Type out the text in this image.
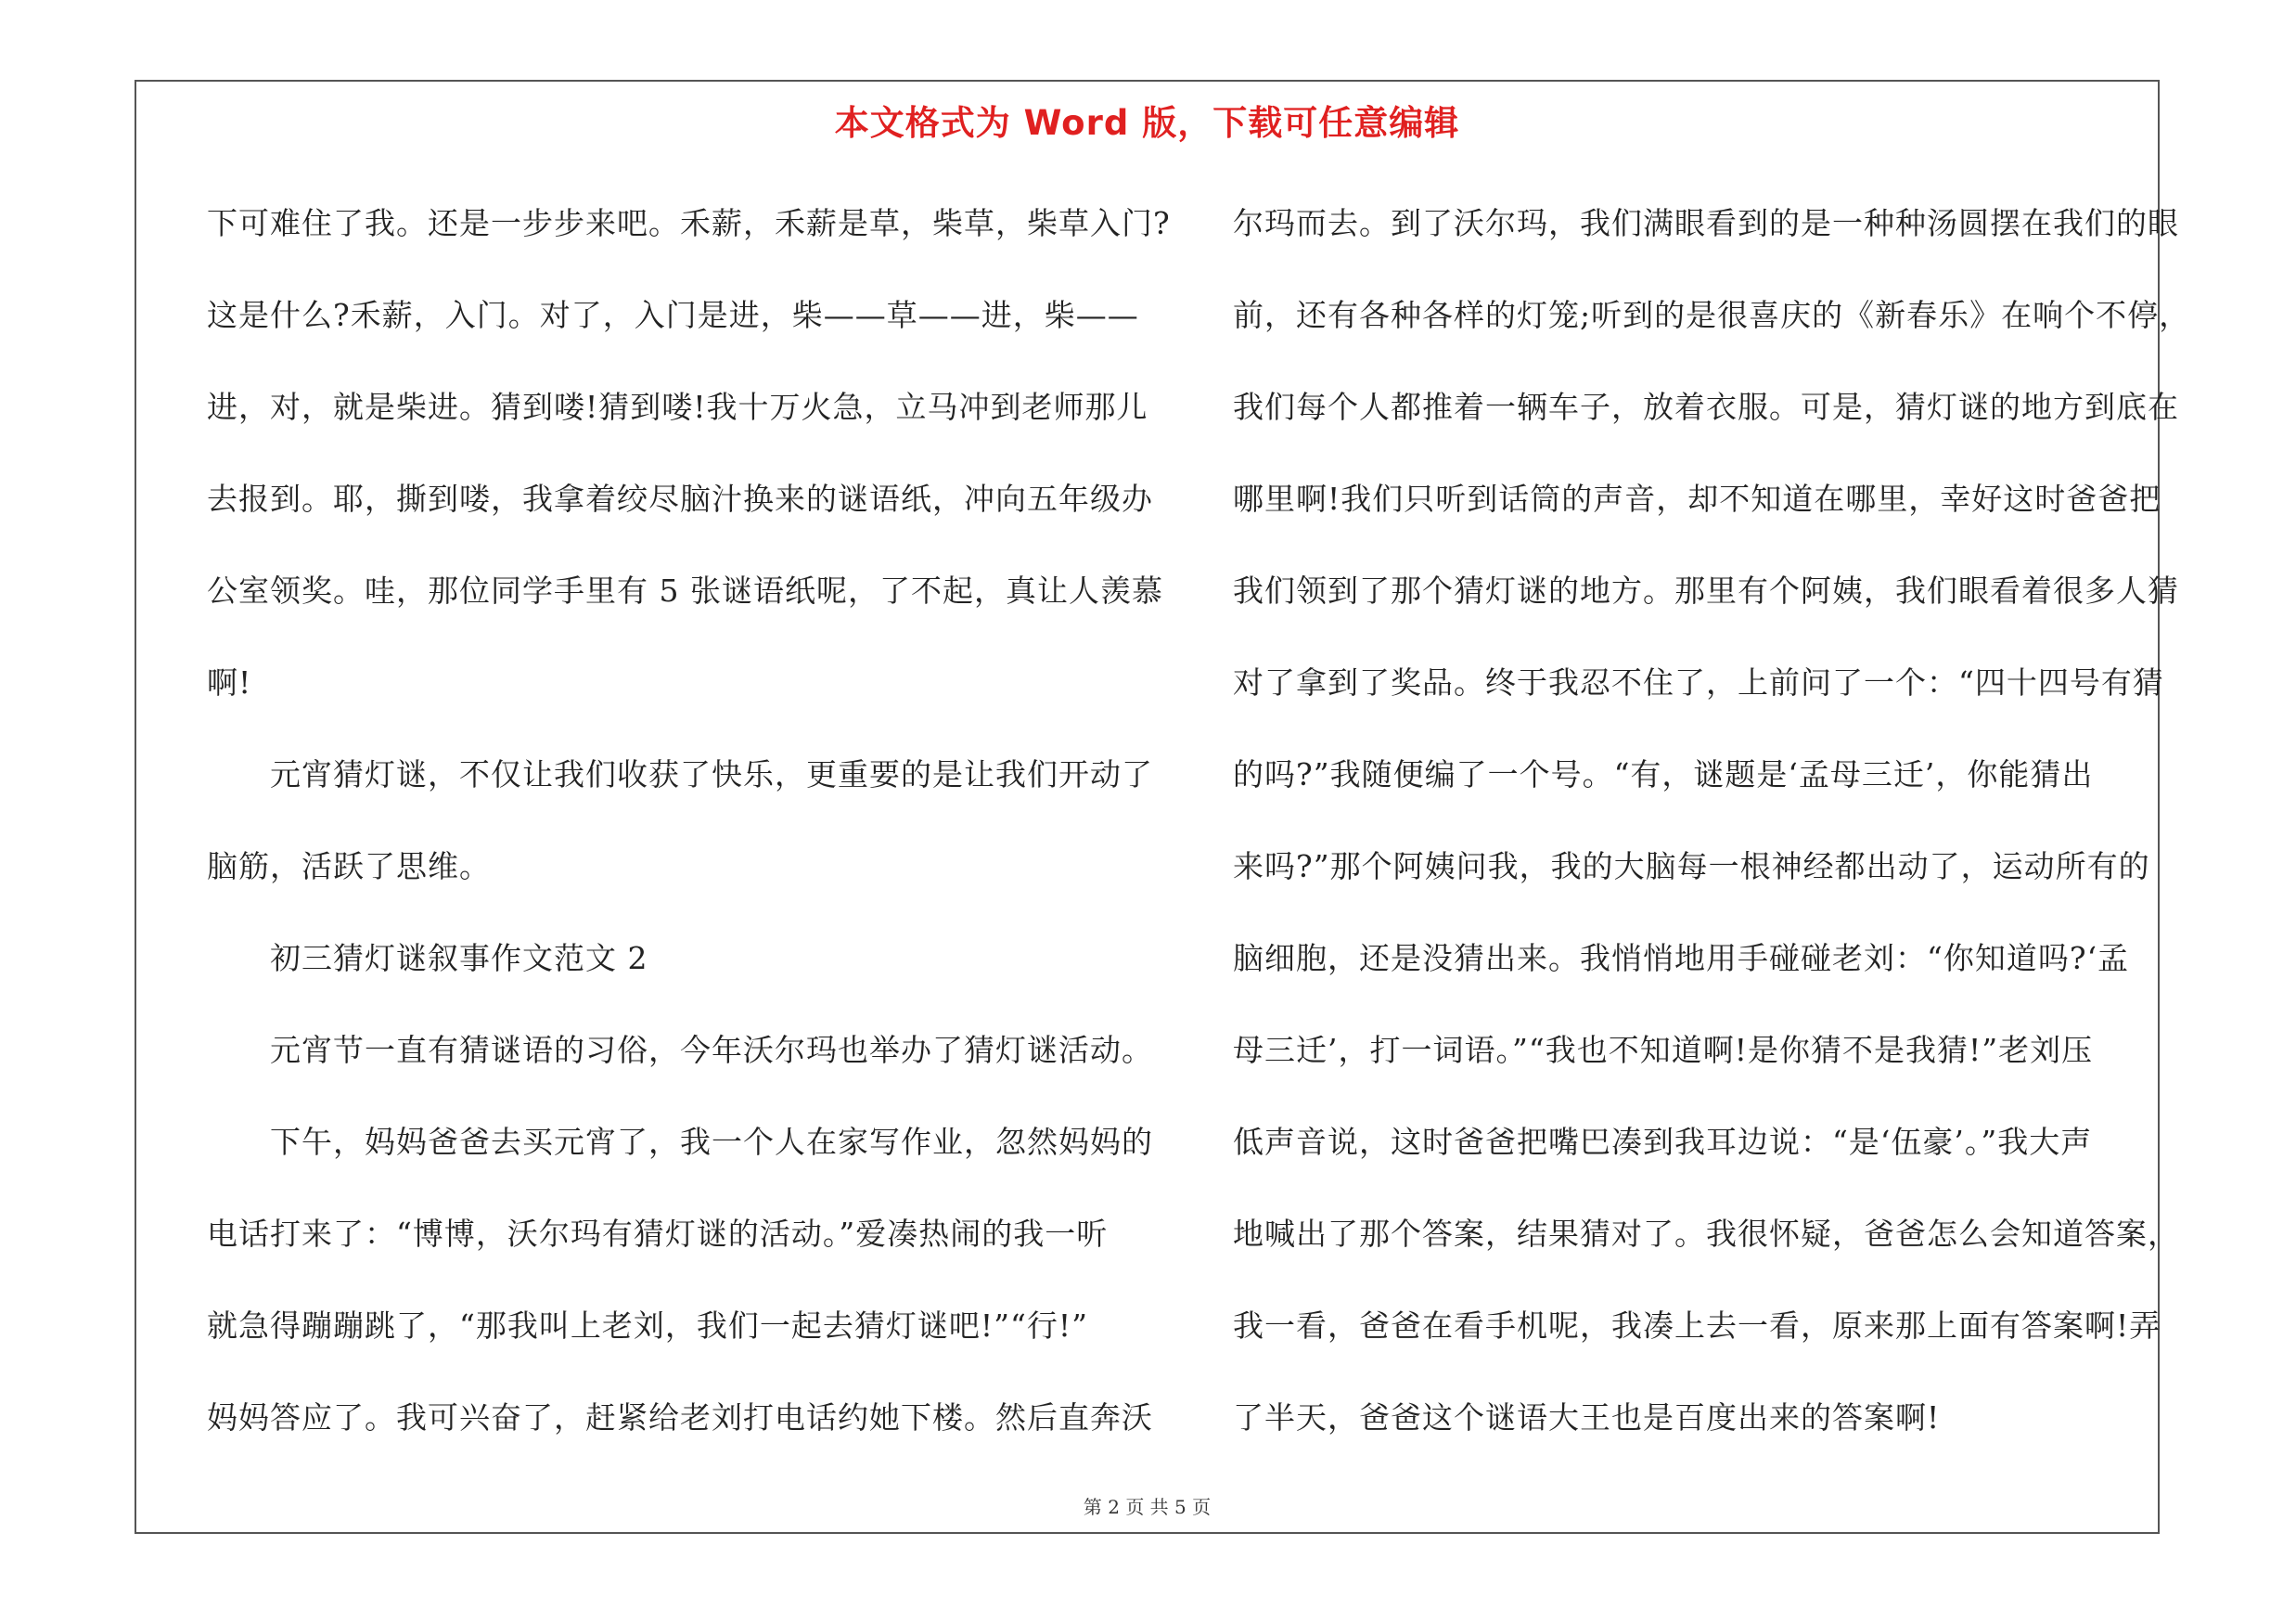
本文格式为 Word 版，下载可任意编辑

下可难住了我。还是一步步来吧。禾薪，禾薪是草，柴草，柴草入门?

这是什么?禾薪，入门。对了，入门是进，柴——草——进，柴——

进，对，就是柴进。猜到喽!猜到喽!我十万火急，立马冲到老师那儿

去报到。耶，撕到喽，我拿着绞尽脑汁换来的谜语纸，冲向五年级办

公室领奖。哇，那位同学手里有 5 张谜语纸呢，了不起，真让人羡慕

啊!

　　元宵猜灯谜，不仅让我们收获了快乐，更重要的是让我们开动了

脑筋，活跃了思维。

　　初三猜灯谜叙事作文范文 2

　　元宵节一直有猜谜语的习俗，今年沃尔玛也举办了猜灯谜活动。

　　下午，妈妈爸爸去买元宵了，我一个人在家写作业，忽然妈妈的

电话打来了：“博博，沃尔玛有猜灯谜的活动。”爱凑热闹的我一听

就急得蹦蹦跳了，“那我叫上老刘，我们一起去猜灯谜吧!”“行!”

妈妈答应了。我可兴奋了，赶紧给老刘打电话约她下楼。然后直奔沃

尔玛而去。到了沃尔玛，我们满眼看到的是一种种汤圆摆在我们的眼

前，还有各种各样的灯笼;听到的是很喜庆的《新春乐》在响个不停，

我们每个人都推着一辆车子，放着衣服。可是，猜灯谜的地方到底在

哪里啊!我们只听到话筒的声音，却不知道在哪里，幸好这时爸爸把

我们领到了那个猜灯谜的地方。那里有个阿姨，我们眼看着很多人猜

对了拿到了奖品。终于我忍不住了，上前问了一个：“四十四号有猜

的吗?”我随便编了一个号。“有，谜题是‘孟母三迁’，你能猜出

来吗?”那个阿姨问我，我的大脑每一根神经都出动了，运动所有的

脑细胞，还是没猜出来。我悄悄地用手碰碰老刘：“你知道吗?‘孟

母三迁’，打一词语。”“我也不知道啊!是你猜不是我猜!”老刘压

低声音说，这时爸爸把嘴巴凑到我耳边说：“是‘伍豪’。”我大声

地喊出了那个答案，结果猜对了。我很怀疑，爸爸怎么会知道答案，

我一看，爸爸在看手机呢，我凑上去一看，原来那上面有答案啊!弄

了半天，爸爸这个谜语大王也是百度出来的答案啊!

第 2 页 共 5 页
